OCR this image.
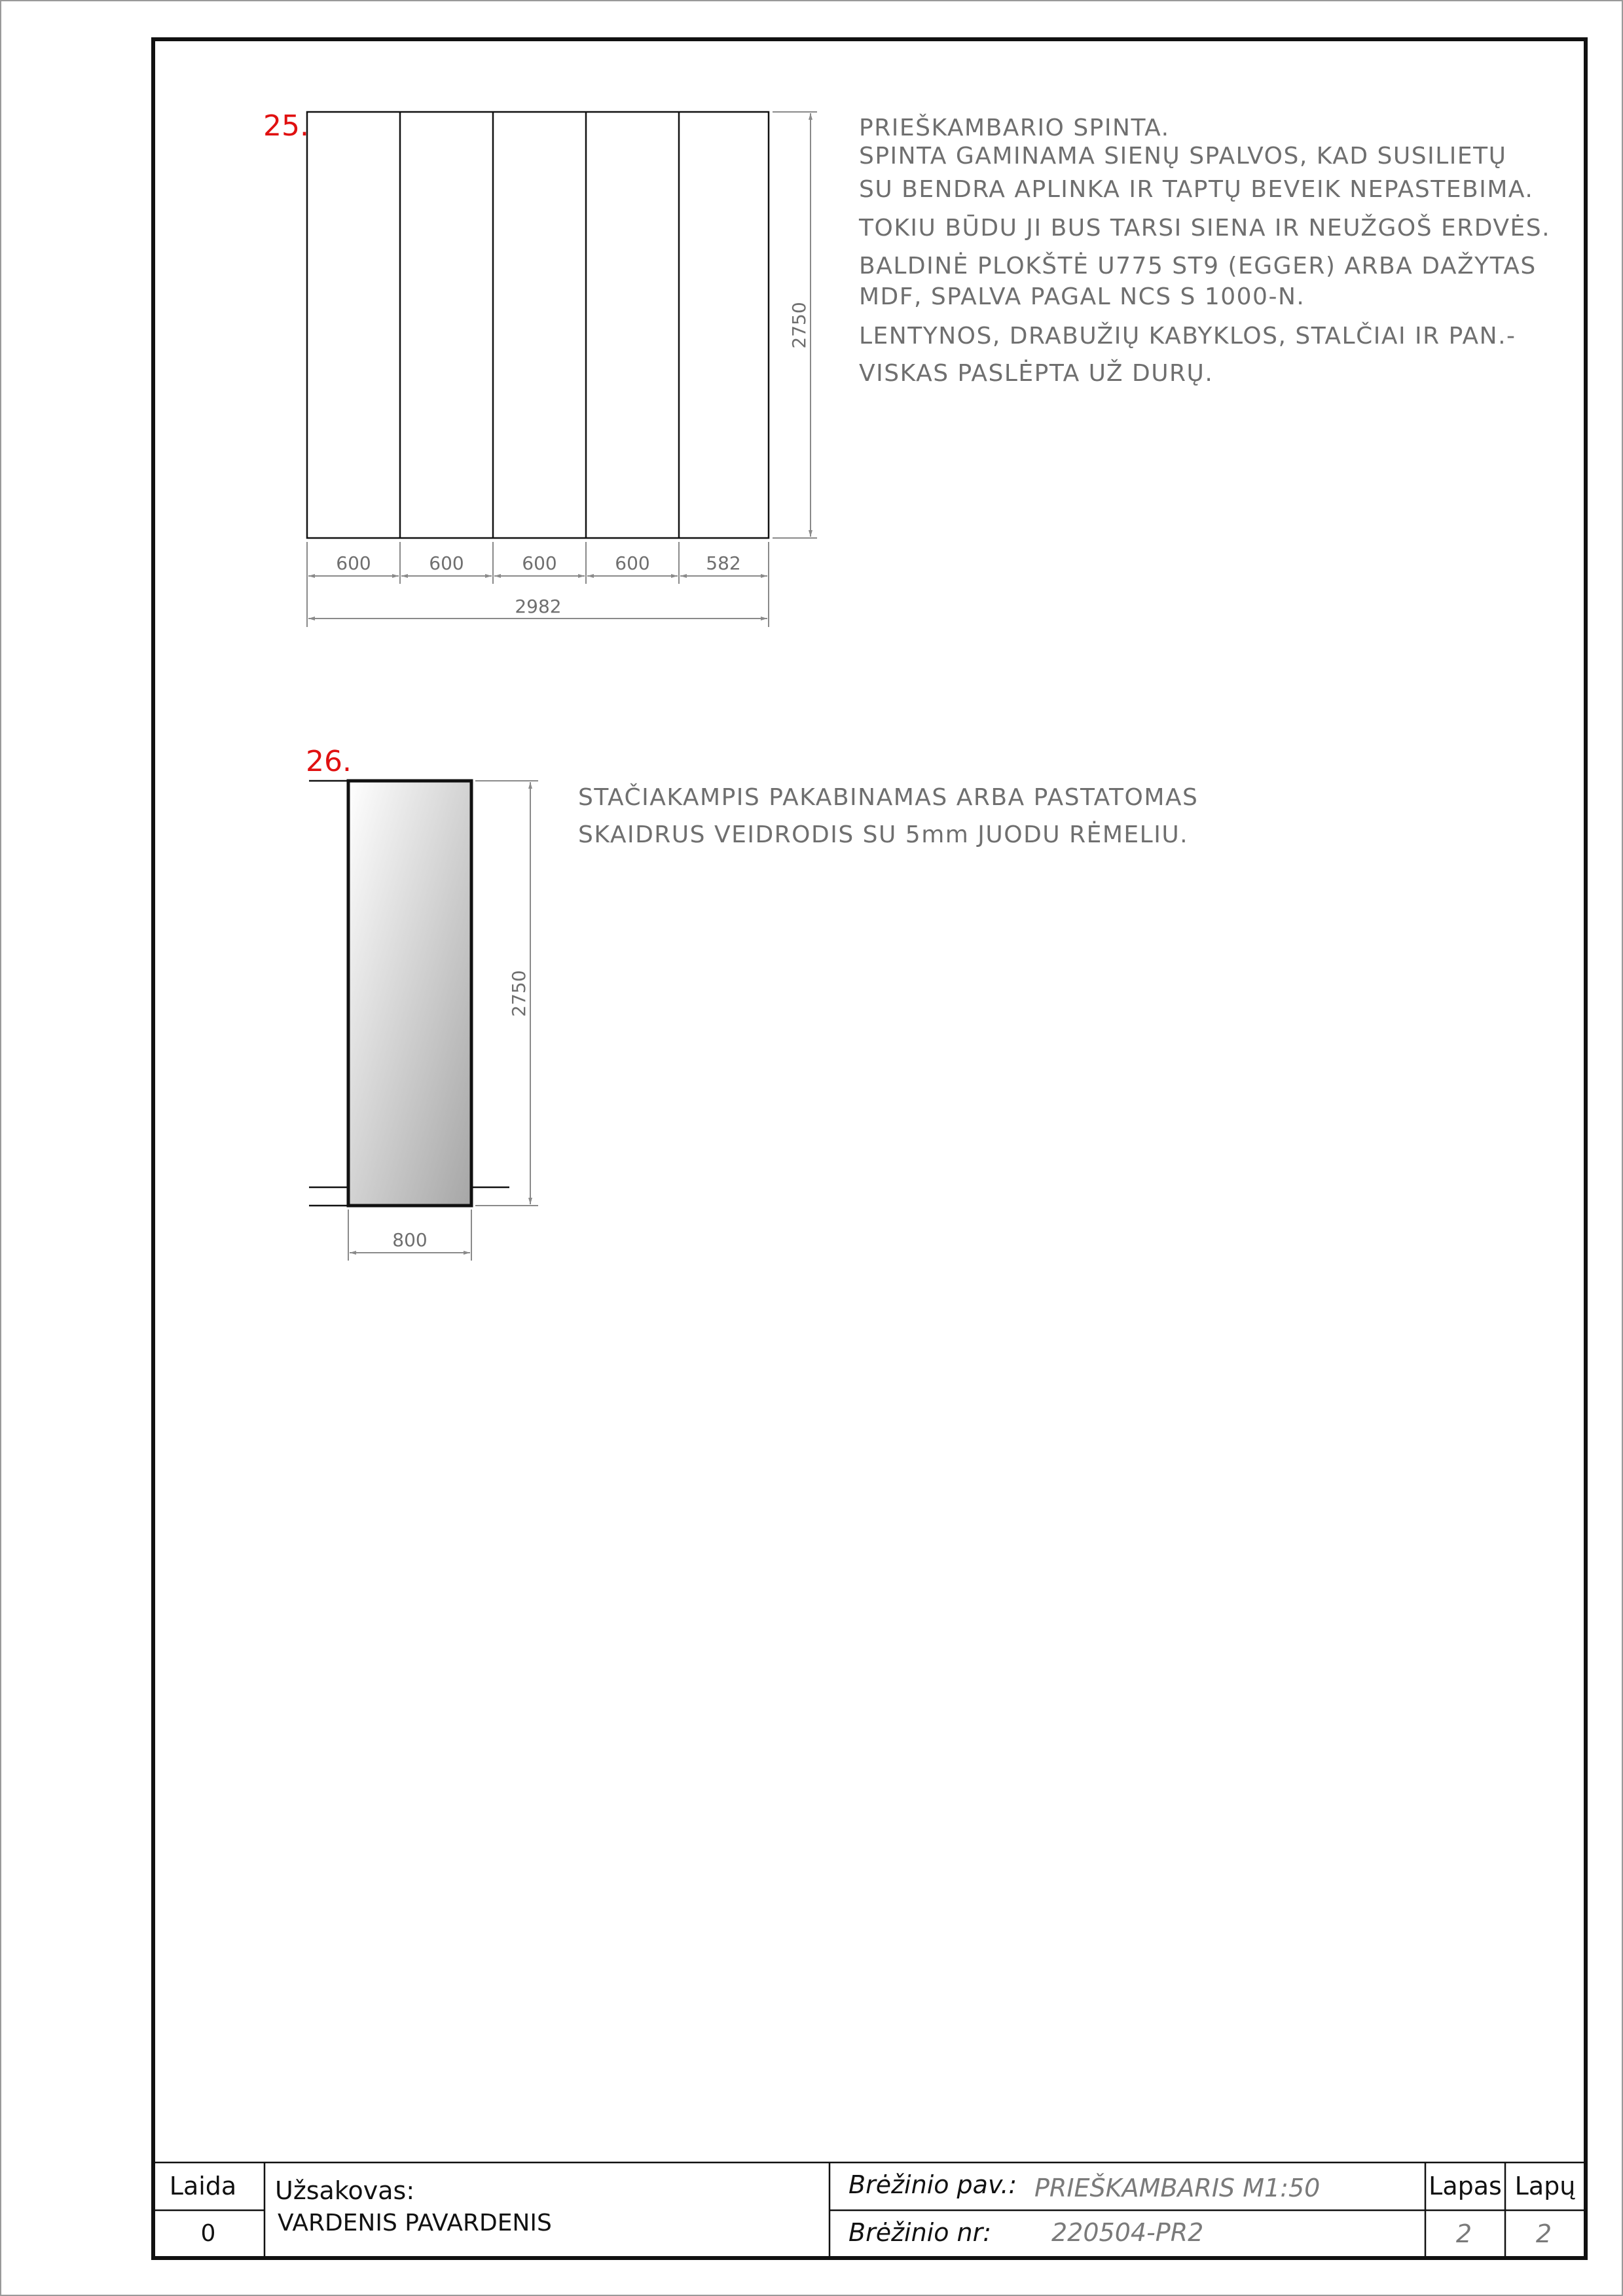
25.
2750
600	600	600	600	582
2982
PRIEŠKAMBARIO SPINTA.
SPINTA GAMINAMA SIENŲ SPALVOS, KAD SUSILIETŲ
SU BENDRA APLINKA IR TAPTŲ BEVEIK NEPASTEBIMA.
TOKIU BŪDU JI BUS TARSI SIENA IR NEUŽGOŠ ERDVĖS.
BALDINĖ PLOKŠTĖ U775 ST9 (EGGER) ARBA DAŽYTAS
MDF, SPALVA PAGAL NCS S 1000-N.
LENTYNOS, DRABUŽIŲ KABYKLOS, STALČIAI IR PAN.-
VISKAS PASLĖPTA UŽ DURŲ.
26.
2750
800
STAČIAKAMPIS PAKABINAMAS ARBA PASTATOMAS
SKAIDRUS VEIDRODIS SU 5mm JUODU RĖMELIU.
Laida
0
Užsakovas:
VARDENIS PAVARDENIS
Brėžinio pav.: PRIEŠKAMBARIS M1:50
Brėžinio nr: 220504-PR2
Lapas
2
Lapų
2
